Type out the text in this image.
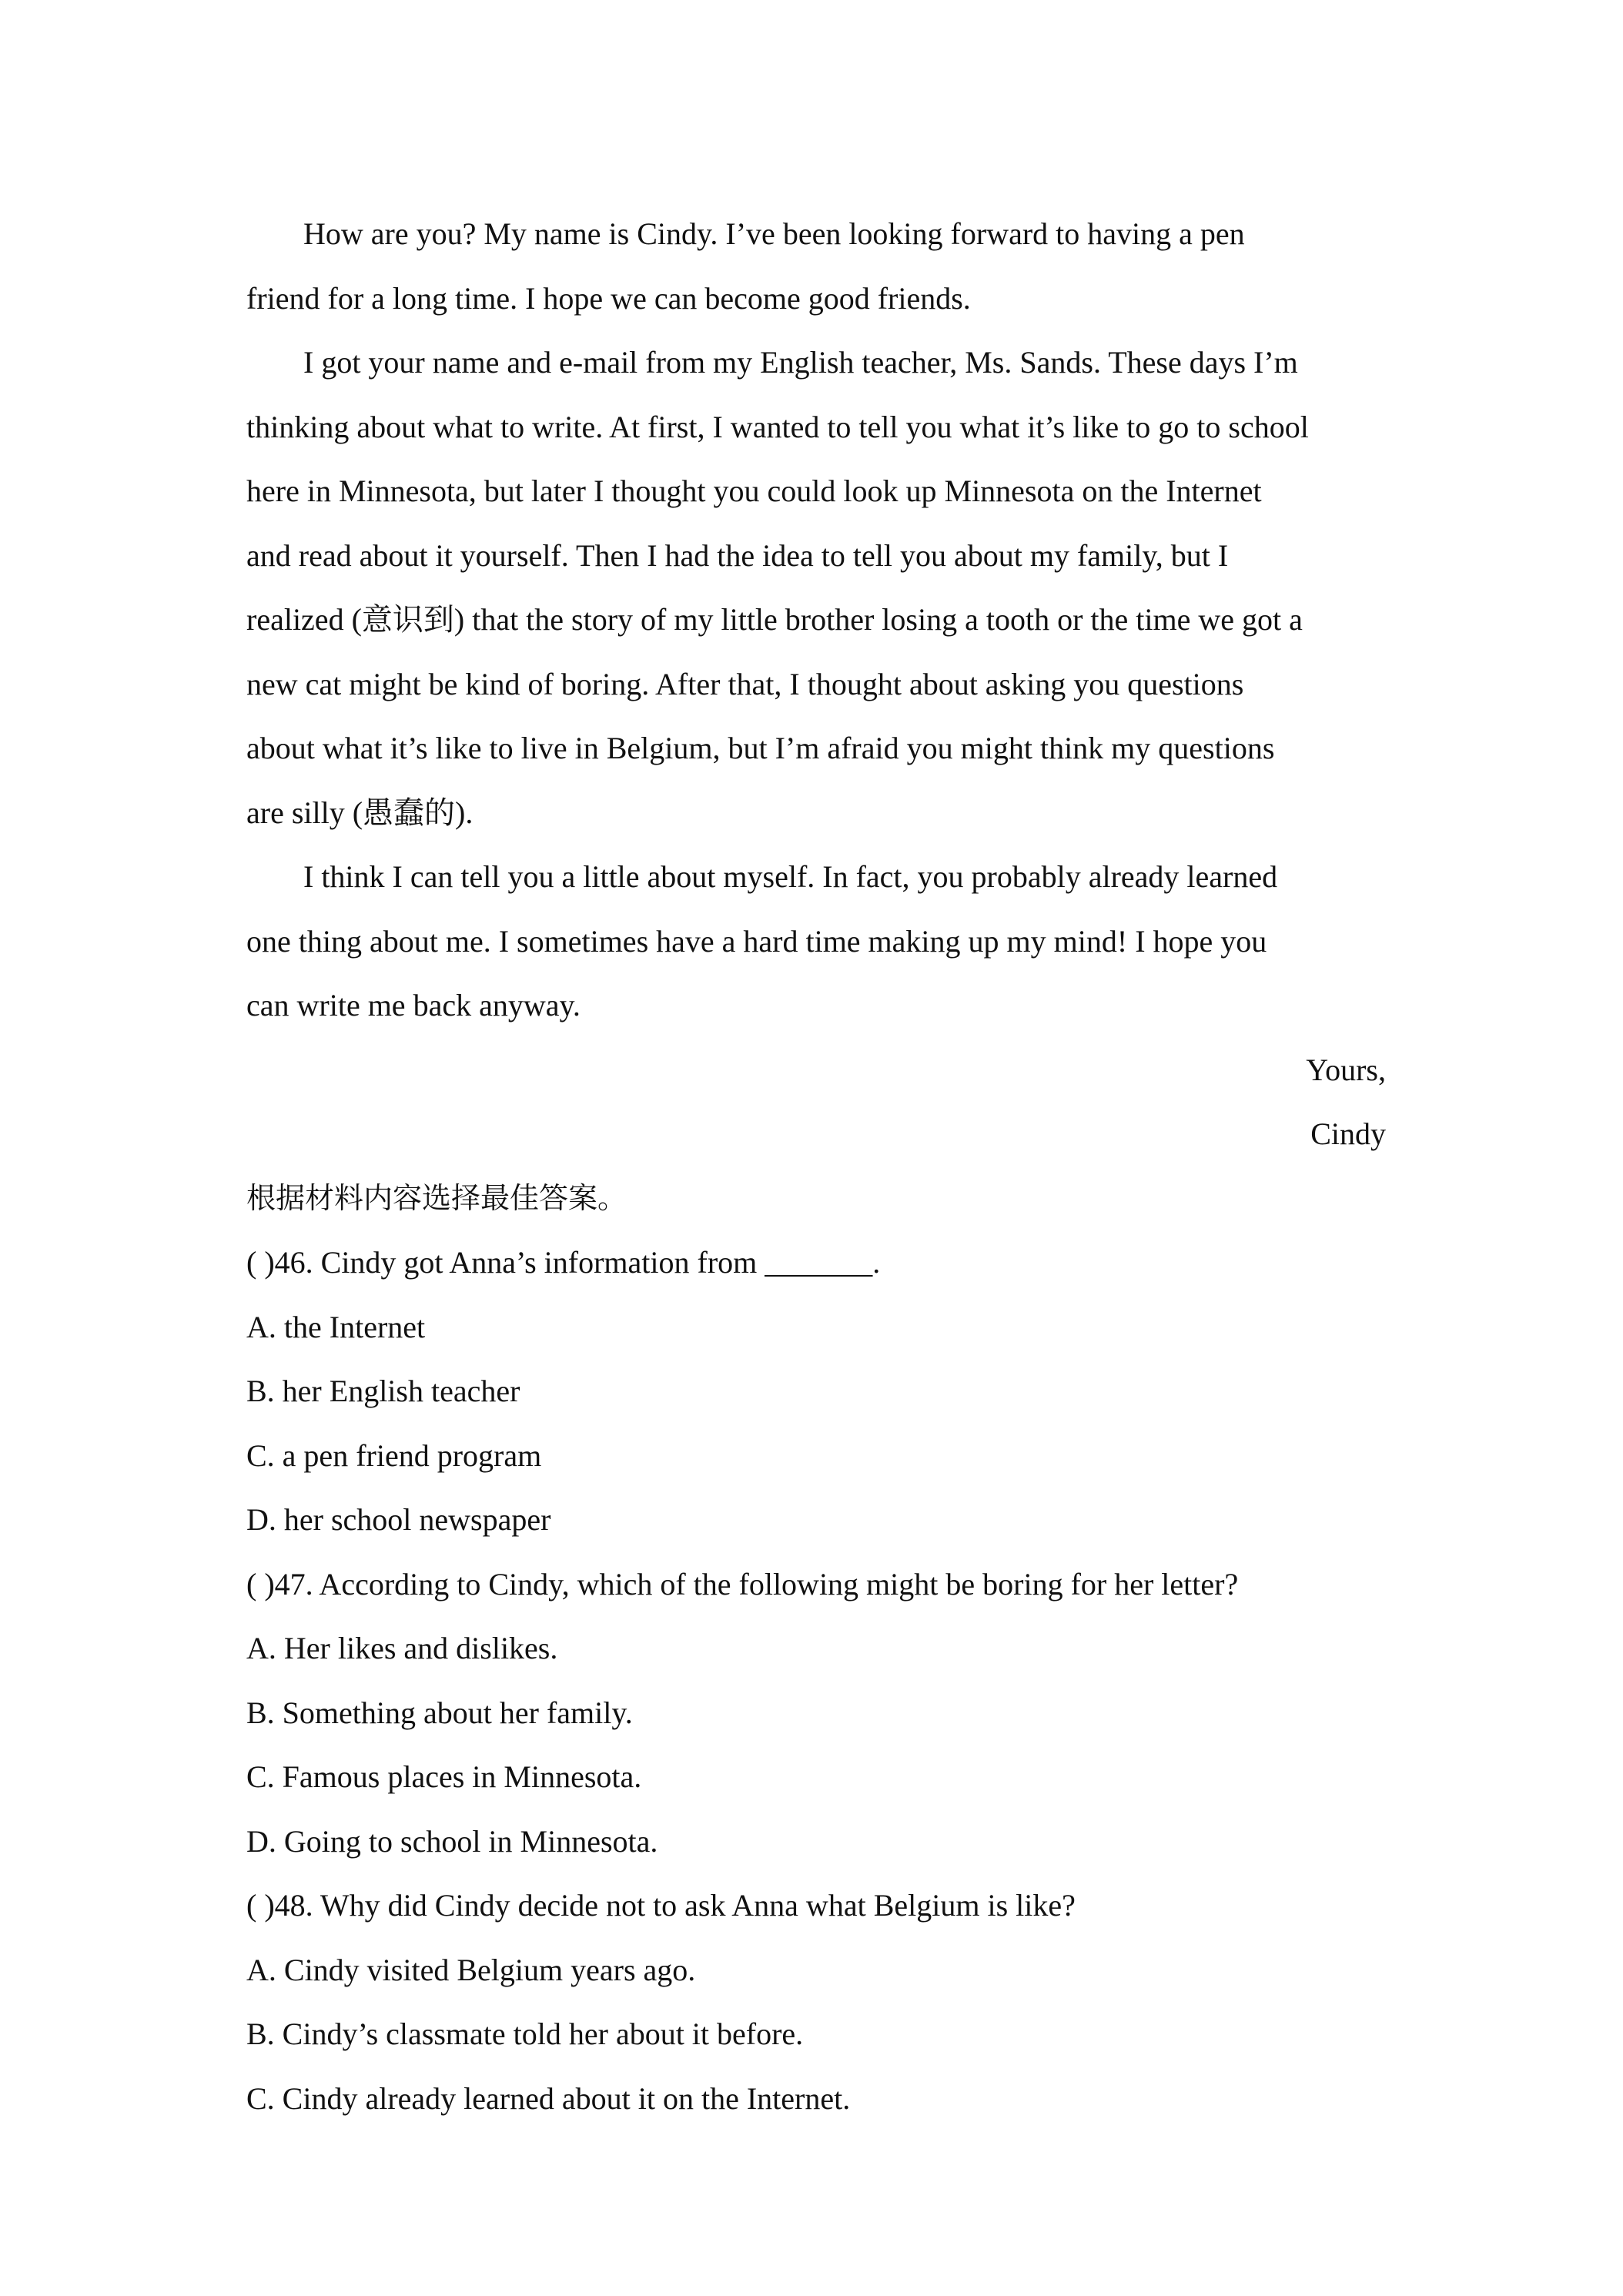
How are you? My name is Cindy. I’ve been looking forward to having a pen
friend for a long time. I hope we can become good friends.
I got your name and e-mail from my English teacher, Ms. Sands. These days I’m
thinking about what to write. At first, I wanted to tell you what it’s like to go to school
here in Minnesota, but later I thought you could look up Minnesota on the Internet
and read about it yourself. Then I had the idea to tell you about my family, but I
realized (意识到) that the story of my little brother losing a tooth or the time we got a
new cat might be kind of boring. After that, I thought about asking you questions
about what it’s like to live in Belgium, but I’m afraid you might think my questions
are silly (愚蠢的).
I think I can tell you a little about myself. In fact, you probably already learned
one thing about me. I sometimes have a hard time making up my mind! I hope you
can write me back anyway.
Yours,
Cindy
根据材料内容选择最佳答案。
( )46. Cindy got Anna’s information from _______.
A. the Internet
B. her English teacher
C. a pen friend program
D. her school newspaper
( )47. According to Cindy, which of the following might be boring for her letter?
A. Her likes and dislikes.
B. Something about her family.
C. Famous places in Minnesota.
D. Going to school in Minnesota.
( )48. Why did Cindy decide not to ask Anna what Belgium is like?
A. Cindy visited Belgium years ago.
B. Cindy’s classmate told her about it before.
C. Cindy already learned about it on the Internet.
